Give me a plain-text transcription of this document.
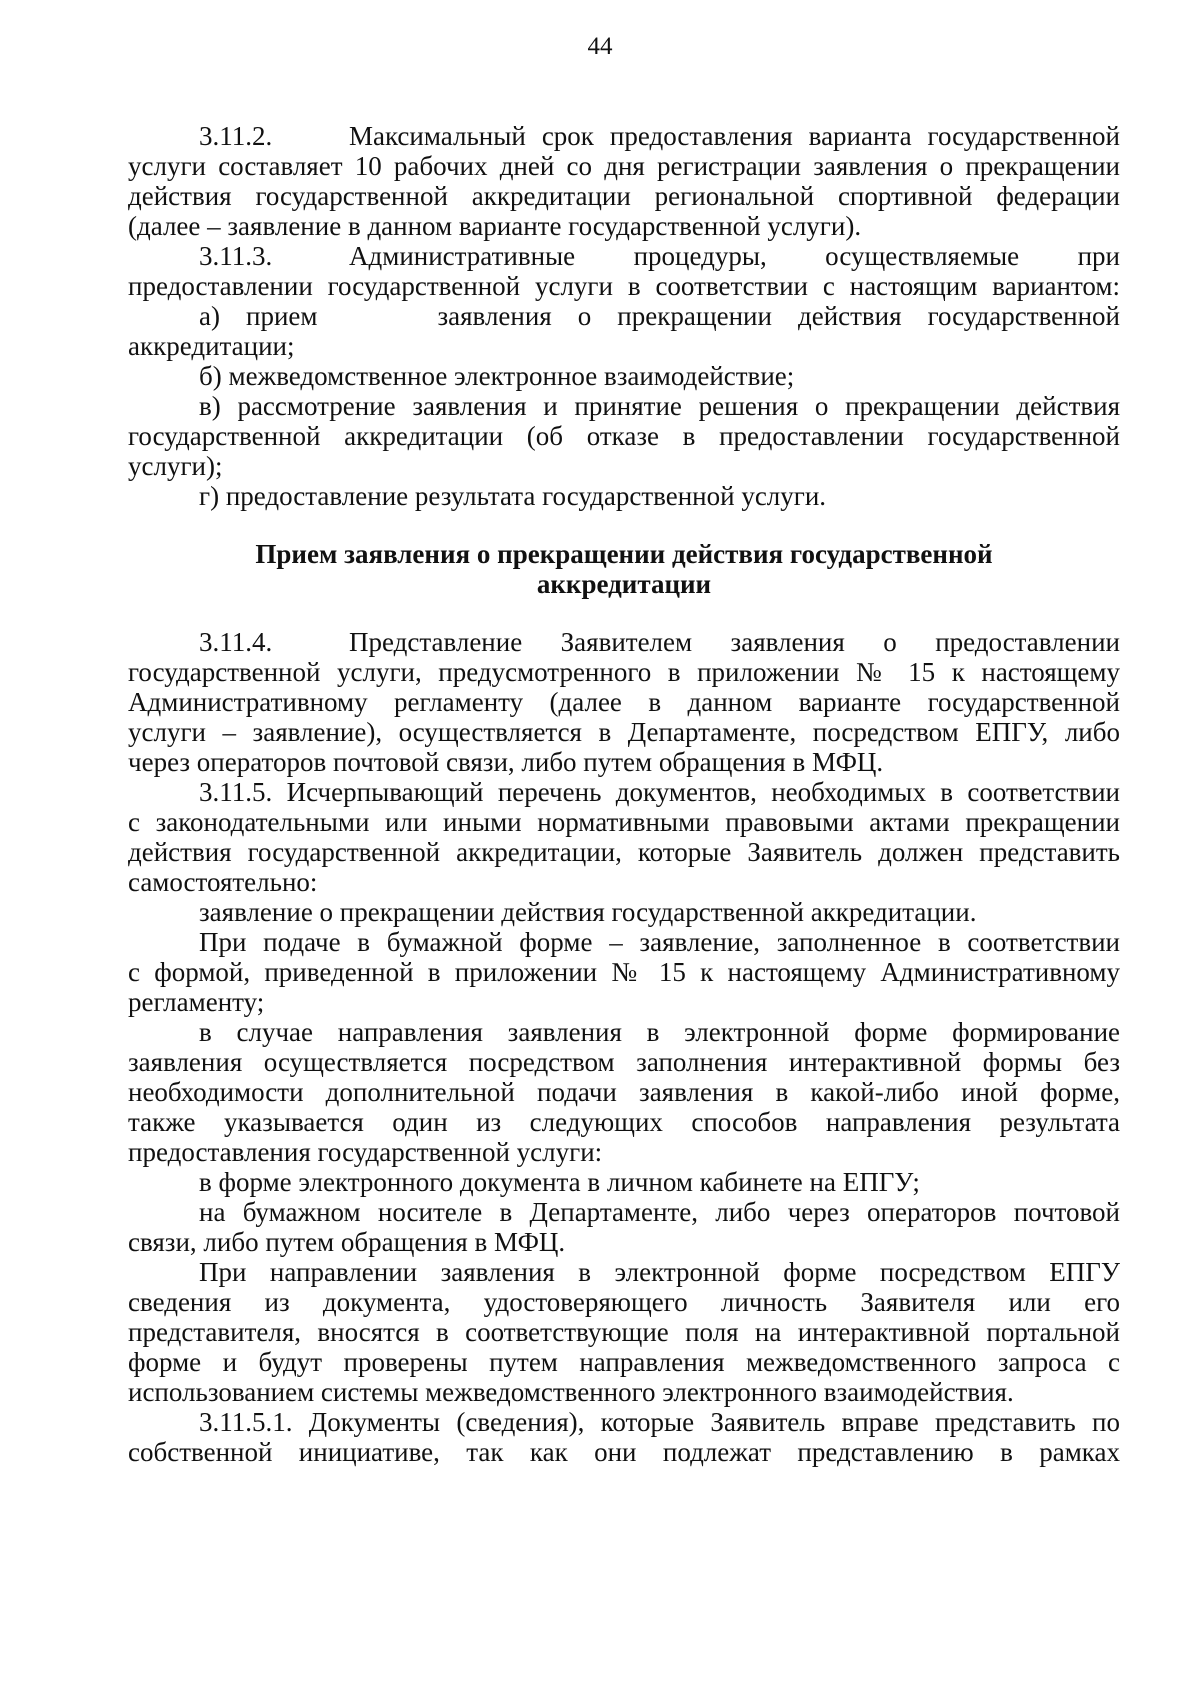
44
3.11.2.	Максимальный срок предоставления варианта государственной
услуги составляет 10 рабочих дней со дня регистрации заявления о прекращении
действия государственной аккредитации региональной спортивной федерации
(далее – заявление в данном варианте государственной услуги).
3.11.3.	Административные процедуры, осуществляемые при
предоставлении государственной услуги в соответствии с настоящим вариантом:
а) прием	заявления о прекращении действия государственной
аккредитации;
б) межведомственное электронное взаимодействие;
в) рассмотрение заявления и принятие решения о прекращении действия
государственной аккредитации (об отказе в предоставлении государственной
услуги);
г) предоставление результата государственной услуги.
Прием заявления о прекращении действия государственной
аккредитации
3.11.4.	Представление Заявителем заявления о предоставлении
государственной услуги, предусмотренного в приложении № 15 к настоящему
Административному регламенту (далее в данном варианте государственной
услуги – заявление), осуществляется в Департаменте, посредством ЕПГУ, либо
через операторов почтовой связи, либо путем обращения в МФЦ.
3.11.5. Исчерпывающий перечень документов, необходимых в соответствии
с законодательными или иными нормативными правовыми актами прекращении
действия государственной аккредитации, которые Заявитель должен представить
самостоятельно:
заявление о прекращении действия государственной аккредитации.
При подаче в бумажной форме – заявление, заполненное в соответствии
с формой, приведенной в приложении № 15 к настоящему Административному
регламенту;
в случае направления заявления в электронной форме формирование
заявления осуществляется посредством заполнения интерактивной формы без
необходимости дополнительной подачи заявления в какой-либо иной форме,
также указывается один из следующих способов направления результата
предоставления государственной услуги:
в форме электронного документа в личном кабинете на ЕПГУ;
на бумажном носителе в Департаменте, либо через операторов почтовой
связи, либо путем обращения в МФЦ.
При направлении заявления в электронной форме посредством ЕПГУ
сведения из документа, удостоверяющего личность Заявителя или его
представителя, вносятся в соответствующие поля на интерактивной портальной
форме и будут проверены путем направления межведомственного запроса с
использованием системы межведомственного электронного взаимодействия.
3.11.5.1. Документы (сведения), которые Заявитель вправе представить по
собственной инициативе, так как они подлежат представлению в рамках
